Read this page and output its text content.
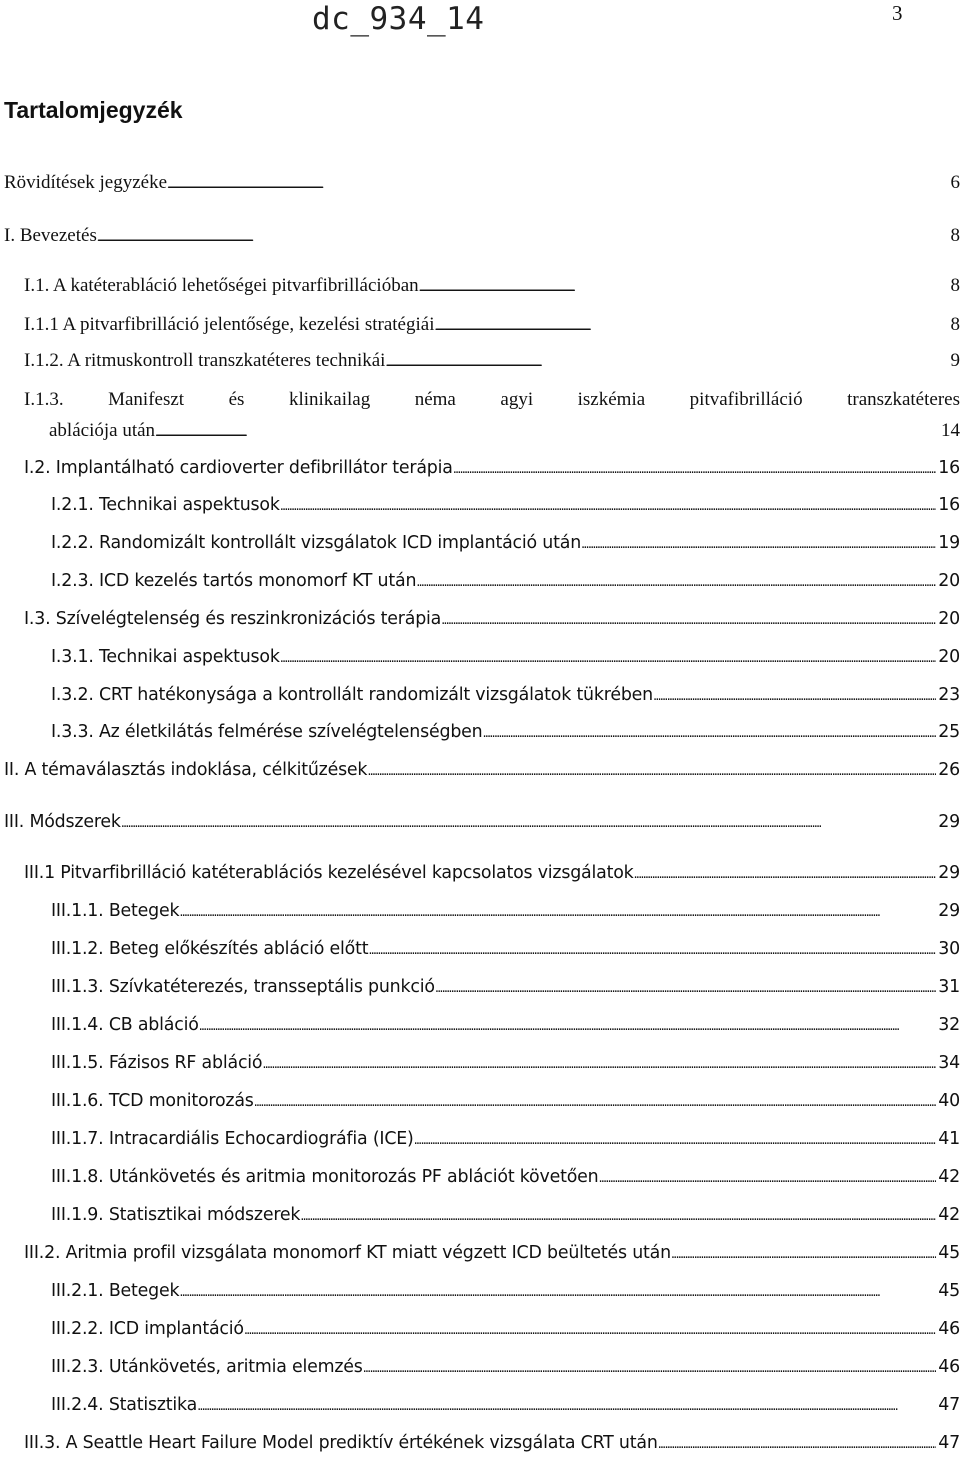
dc_934_14	3
Tartalomjegyzék
Rövidítések jegyzéke . . .	6
I. Bevezetés . . .	8
I.1. A katéterabláció lehetőségei pitvarfibrillációban . . .	8
I.1.1 A pitvarfibrilláció jelentősége, kezelési stratégiái . . .	8
I.1.2. A ritmuskontroll transzkatéteres technikái . . .	9
I.1.3. Manifeszt és klinikailag néma agyi iszkémia pitvafibrilláció transzkatéteres
ablációja után . . .	14
I.2. Implantálható cardioverter defibrillátor terápia . . .	16
I.2.1. Technikai aspektusok . . .	16
I.2.2. Randomizált kontrollált vizsgálatok ICD implantáció után . . .	19
I.2.3. ICD kezelés tartós monomorf KT után . . .	20
I.3. Szívelégtelenség és reszinkronizációs terápia . . .	20
I.3.1. Technikai aspektusok . . .	20
I.3.2. CRT hatékonysága a kontrollált randomizált vizsgálatok tükrében . . .	23
I.3.3. Az életkilátás felmérése szívelégtelenségben . . .	25
II. A témaválasztás indoklása, célkitűzések . . .	26
III. Módszerek . . .	29
III.1 Pitvarfibrilláció katéterablációs kezelésével kapcsolatos vizsgálatok . . .	29
III.1.1. Betegek . . .	29
III.1.2. Beteg előkészítés abláció előtt . . .	30
III.1.3. Szívkatéterezés, transseptális punkció . . .	31
III.1.4. CB abláció . . .	32
III.1.5. Fázisos RF abláció . . .	34
III.1.6. TCD monitorozás . . .	40
III.1.7. Intracardiális Echocardiográfia (ICE) . . .	41
III.1.8. Utánkövetés és aritmia monitorozás PF ablációt követően . . .	42
III.1.9. Statisztikai módszerek . . .	42
III.2. Aritmia profil vizsgálata monomorf KT miatt végzett ICD beültetés után . . .	45
III.2.1. Betegek . . .	45
III.2.2. ICD implantáció . . .	46
III.2.3. Utánkövetés, aritmia elemzés . . .	46
III.2.4. Statisztika . . .	47
III.3. A Seattle Heart Failure Model prediktív értékének vizsgálata CRT után . . .	47
